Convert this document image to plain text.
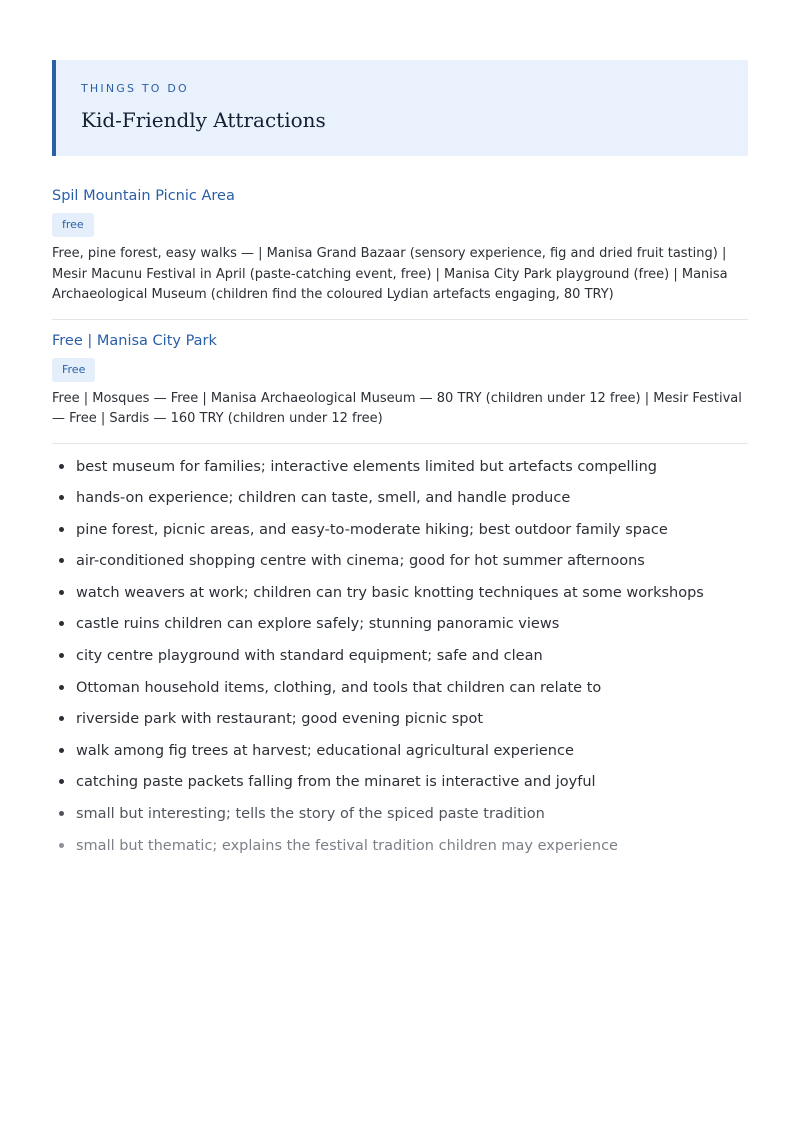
THINGS TO DO

Kid-Friendly Attractions
Spil Mountain Picnic Area
free

Free, pine forest, easy walks — | Manisa Grand Bazaar (sensory experience, fig and dried fruit tasting) | Mesir Macunu Festival in April (paste-catching event, free) | Manisa City Park playground (free) | Manisa Archaeological Museum (children find the coloured Lydian artefacts engaging, 80 TRY)

Free | Manisa City Park
Free

Free | Mosques — Free | Manisa Archaeological Museum — 80 TRY (children under 12 free) | Mesir Festival — Free | Sardis — 160 TRY (children under 12 free)

best museum for families; interactive elements limited but artefacts compelling
hands-on experience; children can taste, smell, and handle produce
pine forest, picnic areas, and easy-to-moderate hiking; best outdoor family space
air-conditioned shopping centre with cinema; good for hot summer afternoons
watch weavers at work; children can try basic knotting techniques at some workshops
castle ruins children can explore safely; stunning panoramic views
city centre playground with standard equipment; safe and clean
Ottoman household items, clothing, and tools that children can relate to
riverside park with restaurant; good evening picnic spot
walk among fig trees at harvest; educational agricultural experience
catching paste packets falling from the minaret is interactive and joyful
small but interesting; tells the story of the spiced paste tradition
small but thematic; explains the festival tradition children may experience
